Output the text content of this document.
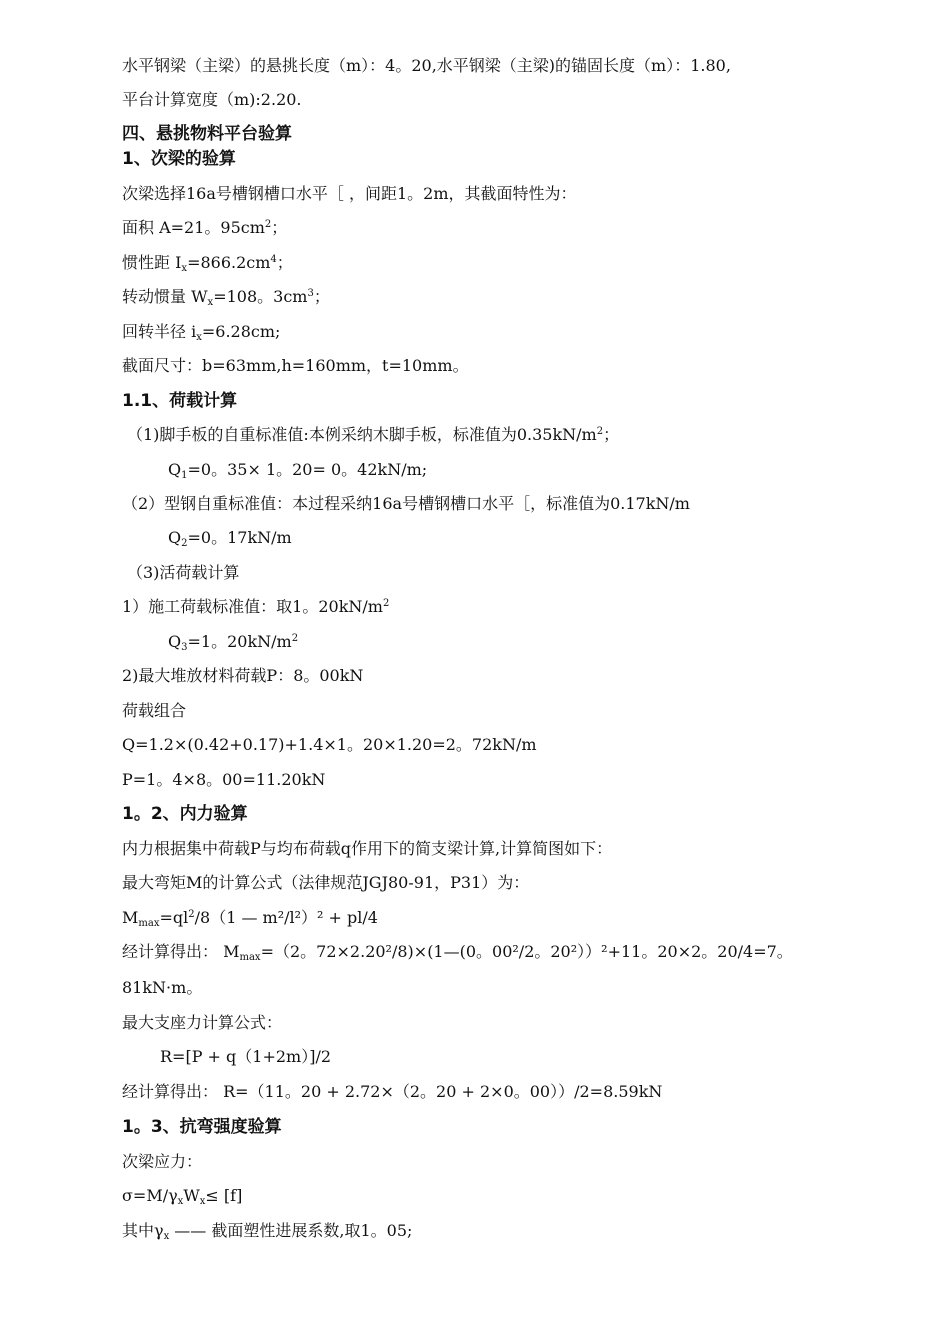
水平钢梁（主梁）的悬挑长度（m）：4。20,水平钢梁（主梁)的锚固长度（m）：1.80,
平台计算宽度（m):2.20.
四、悬挑物料平台验算
1、次梁的验算
次梁选择16a号槽钢槽口水平［ ，间距1。2m，其截面特性为：
面积 A=21。$95cm^2$；
惯性距 $I_x=866.2cm^4$；
转动惯量 $W_x=108$。$3cm^3$；
回转半径 $i_x=6.28cm$;
截面尺寸：b=63mm,h=160mm，t=10mm。
1.1、荷载计算
（1)脚手板的自重标准值:本例采纳木脚手板，标准值为$0.35kN/m^2$；
$Q_1=0$。35× 1。20= 0。42kN/m;
（2）型钢自重标准值：本过程采纳16a号槽钢槽口水平［，标准值为0.17kN/m
$Q_2=0$。17kN/m
（3)活荷载计算
1）施工荷载标准值：取1。$20kN/m^2$
$Q_3=1$。$20kN/m^2$
2)最大堆放材料荷载P：8。00kN
荷载组合
Q=1.2×(0.42+0.17)+1.4×1。20×1.20=2。72kN/m
P=1。4×8。00=11.20kN
1。2、内力验算
内力根据集中荷载P与均布荷载q作用下的简支梁计算,计算简图如下：
最大弯矩M的计算公式（法律规范JGJ80-91，P31）为：
$M_{max}=ql^2/8(1$ — m²/l²）² + pl/4
经计算得出： $M_{max}=(2$。72×2.20²/8)×(1—(0。00²/2。20²））²+11。20×2。20/4=7。
81kN·m。
最大支座力计算公式：
R=[P + q（1+2m）]/2
经计算得出： R=（11。20 + 2.72×（2。20 + 2×0。00））/2=8.59kN
1。3、抗弯强度验算
次梁应力：
$\sigma=M/\gamma_xW_x\le [f]$
其中$\gamma_x$ —— 截面塑性进展系数,取1。05;
